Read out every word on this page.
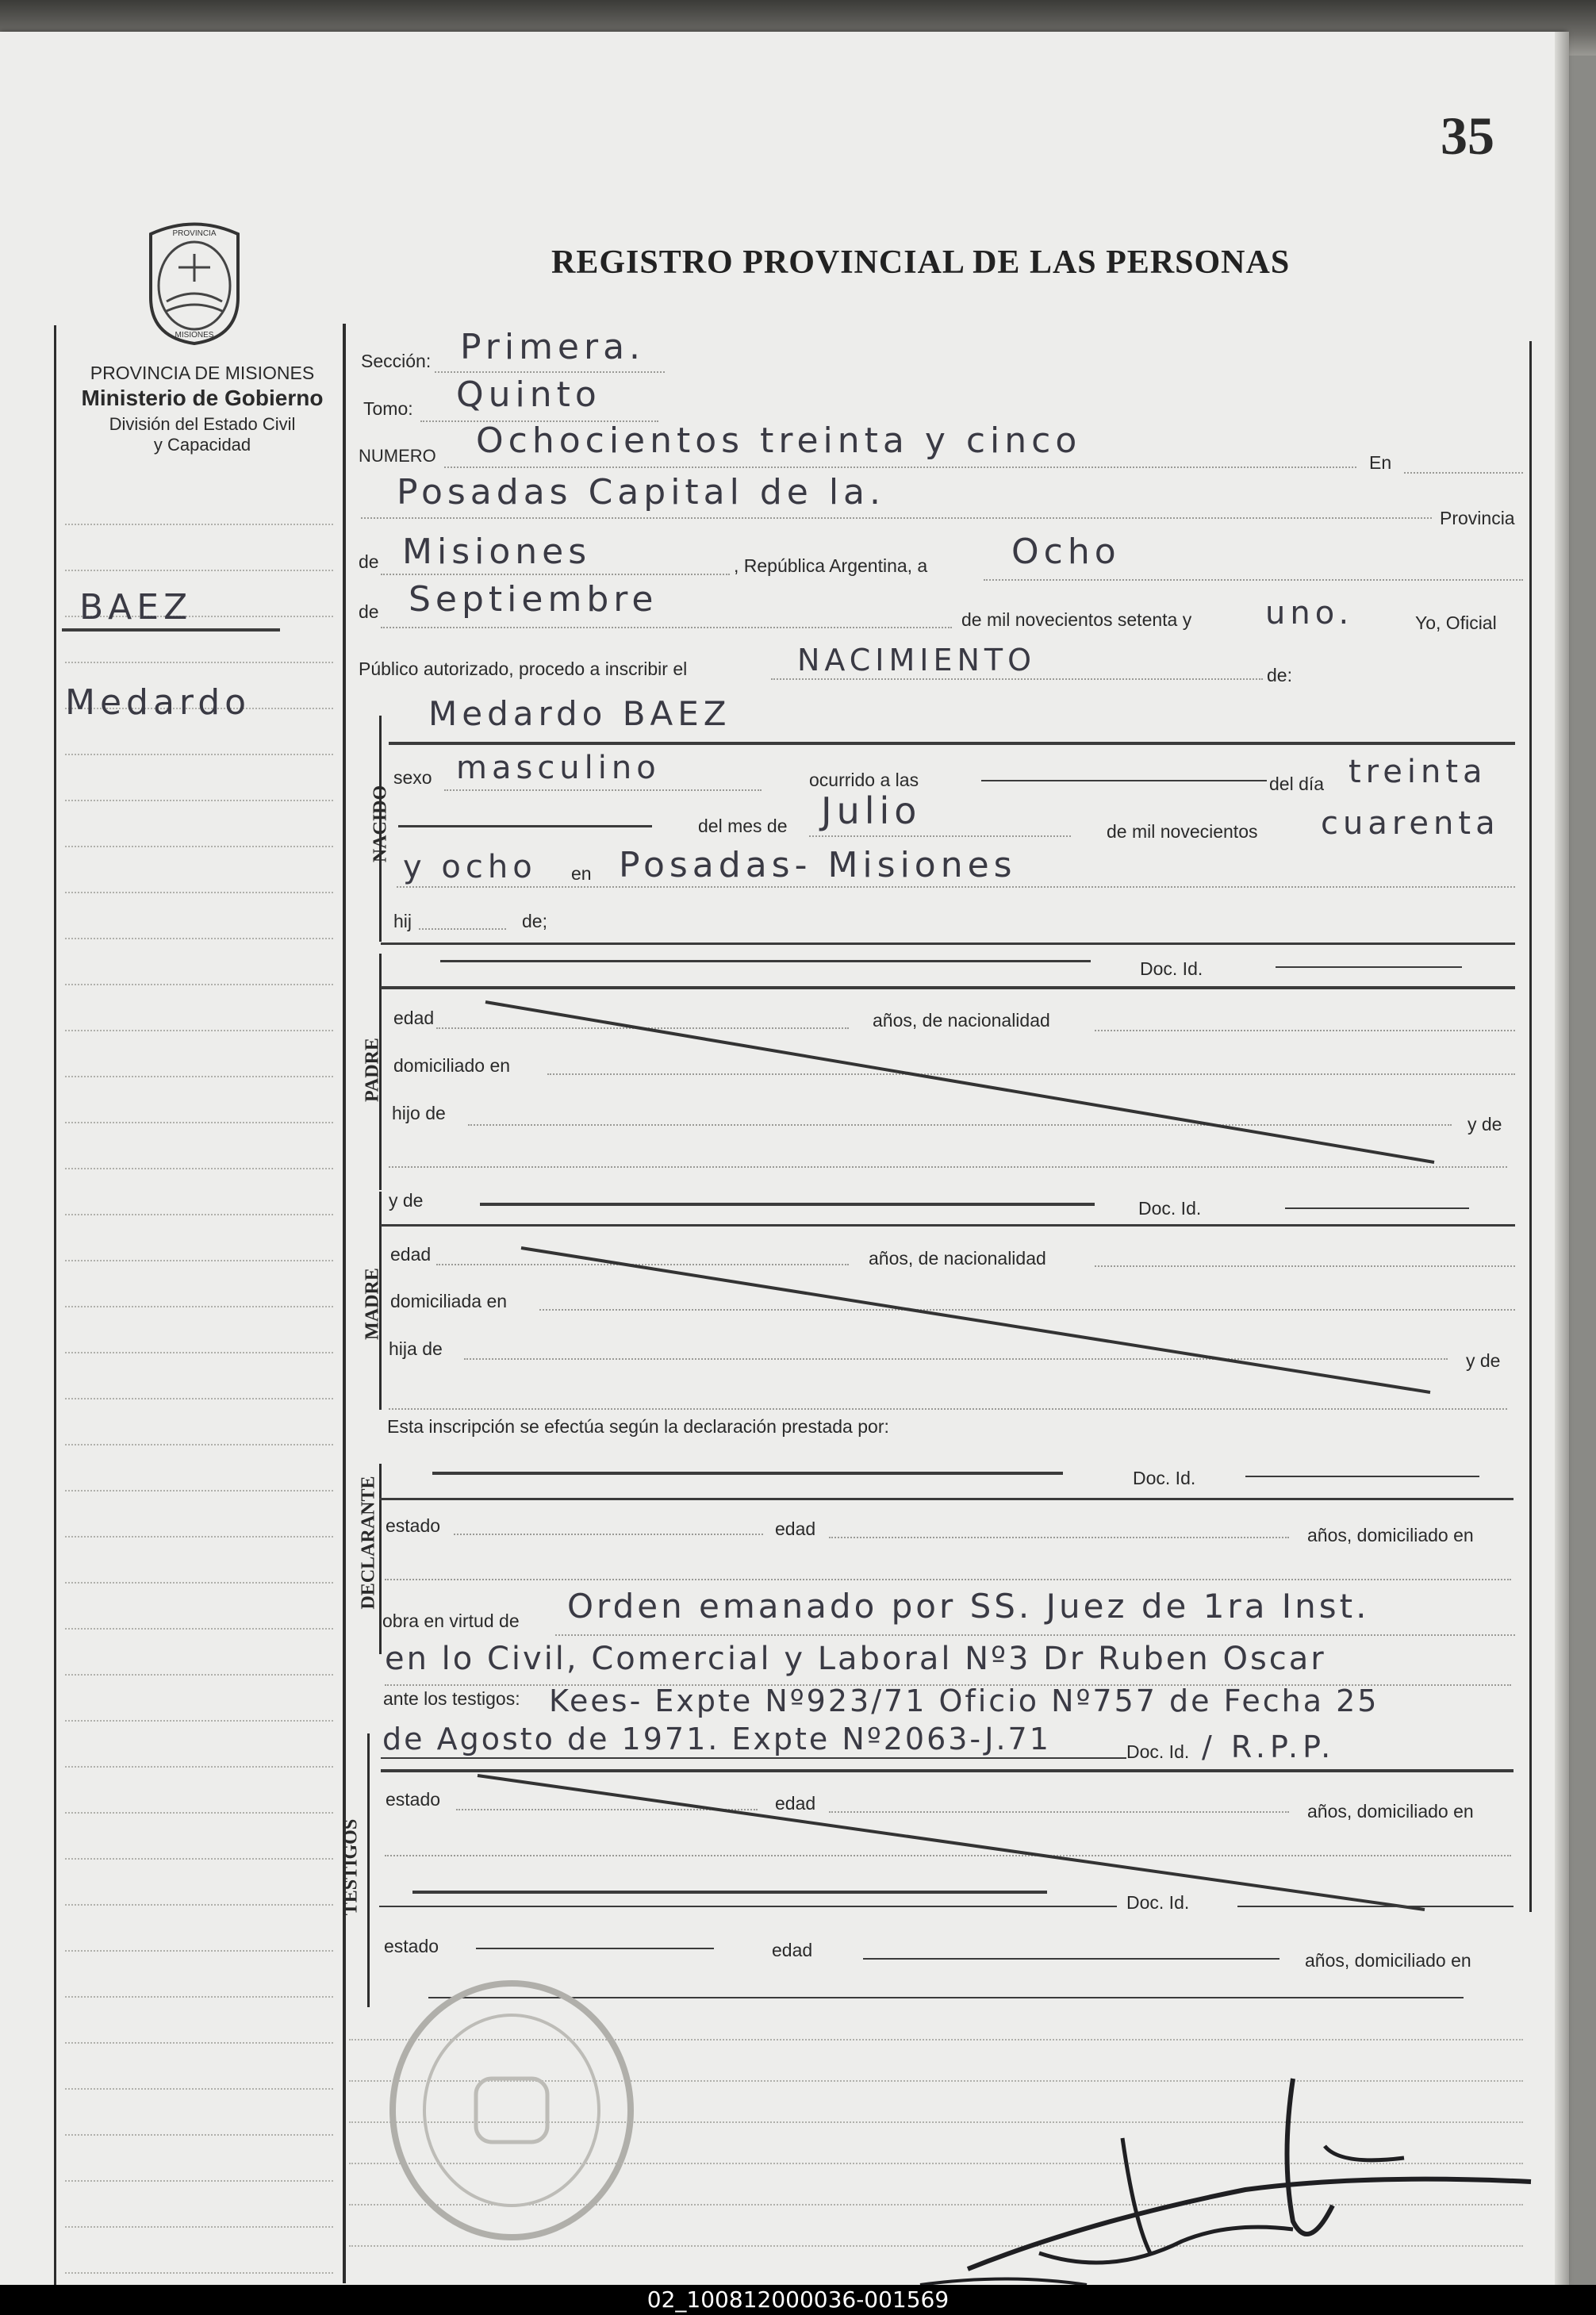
35
PROVINCIA
MISIONES
PROVINCIA DE MISIONES
Ministerio de Gobierno
División del Estado Civil
y Capacidad
REGISTRO PROVINCIAL DE LAS PERSONAS
BAEZ
Medardo
Sección: Primera.
Tomo: Quinto
NUMERO Ochocientos treinta y cinco
En
Posadas Capital de la.
Provincia
de Misiones	, República Argentina, a Ocho
de Septiembre	de mil novecientos setenta y uno.	Yo, Oficial
Público autorizado, procedo a inscribir el	NACIMIENTO	de:
NACIDO
Medardo BAEZ
sexo masculino	ocurrido a las	del día treinta
del mes de Julio	de mil novecientos cuarenta
y ocho en Posadas- Misiones
hij	de;
PADRE
Doc. Id.
edad	años, de nacionalidad
domiciliado en
hijo de
y de
MADRE
y de	Doc. Id.
edad	años, de nacionalidad
domiciliada en
hija de
y de
Esta inscripción se efectúa según la declaración prestada por:
DECLARANTE	Doc. Id.
estado	edad	años, domiciliado en
obra en virtud de Orden emanado por SS. Juez de 1ra Inst.
en lo Civil, Comercial y Laboral Nº3 Dr Ruben Oscar
ante los testigos: Kees- Expte Nº923/71 Oficio Nº757 de Fecha 25
TESTIGOS
de Agosto de 1971. Expte Nº2063-J.71	Doc. Id. / R.P.P.
estado	edad	años, domiciliado en
Doc. Id.
estado	edad	años, domiciliado en
02_100812000036-001569
